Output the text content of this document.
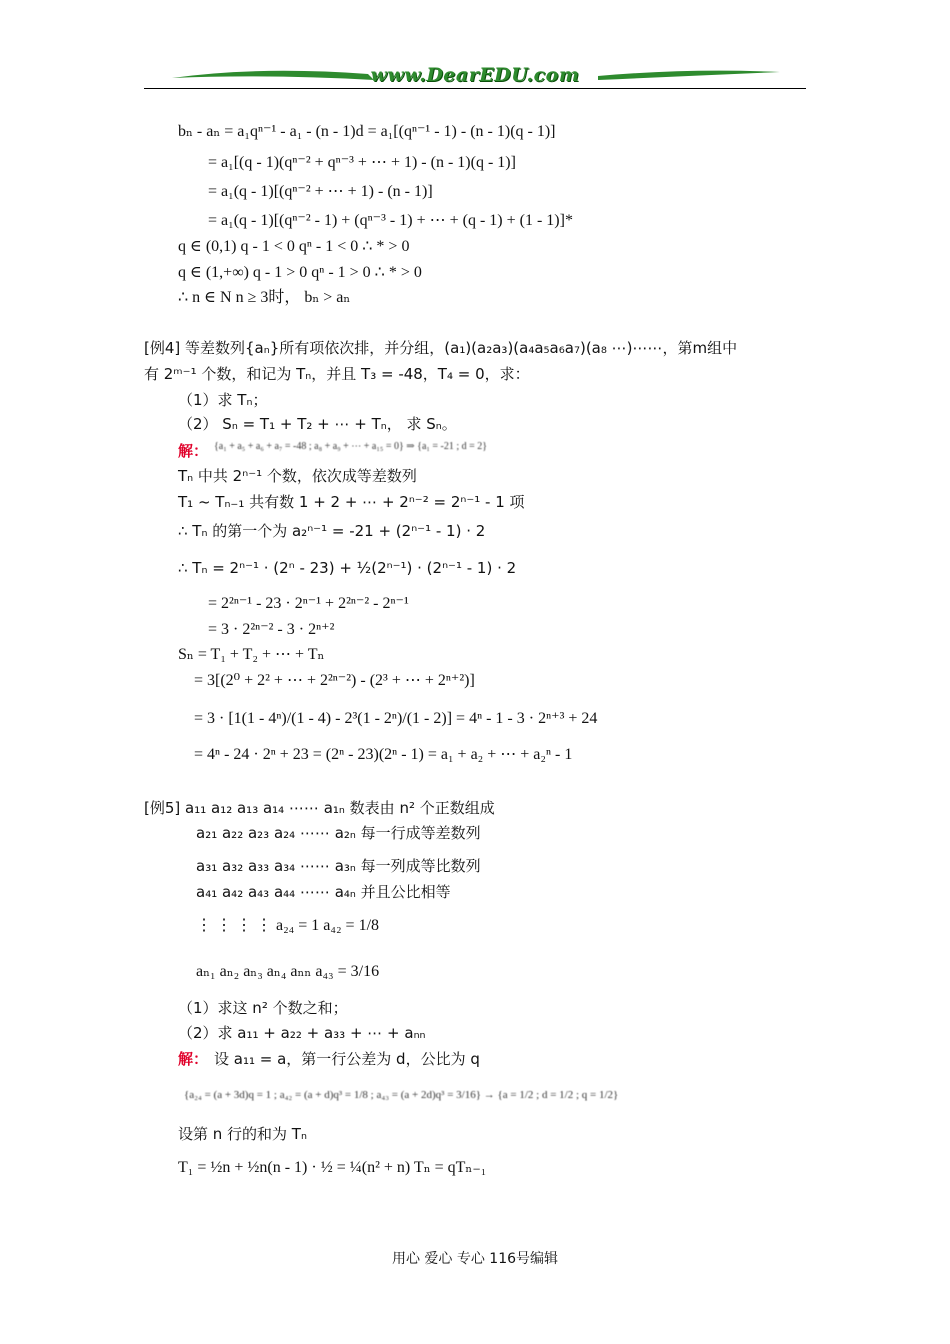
www.DearEDU.com
bₙ - aₙ = a₁qⁿ⁻¹ - a₁ - (n - 1)d = a₁[(qⁿ⁻¹ - 1) - (n - 1)(q - 1)]
= a₁[(q - 1)(qⁿ⁻² + qⁿ⁻³ + ⋯ + 1) - (n - 1)(q - 1)]
= a₁(q - 1)[(qⁿ⁻² + ⋯ + 1) - (n - 1)]
= a₁(q - 1)[(qⁿ⁻² - 1) + (qⁿ⁻³ - 1) + ⋯ + (q - 1) + (1 - 1)]*
q ∈ (0,1) q - 1 < 0 qⁿ - 1 < 0 ∴ * > 0
q ∈ (1,+∞) q - 1 > 0 qⁿ - 1 > 0 ∴ * > 0
∴ n ∈ N n ≥ 3时， bₙ > aₙ
[例4] 等差数列{aₙ}所有项依次排，并分组，(a₁)(a₂a₃)(a₄a₅a₆a₇)(a₈ ⋯)⋯⋯，第m组中
有 2ᵐ⁻¹ 个数，和记为 Tₙ，并且 T₃ = -48，T₄ = 0，求：
（1）求 Tₙ；
（2） Sₙ = T₁ + T₂ + ⋯ + Tₙ， 求 Sₙ。
解： {a₁ + a₅ + a₆ + a₇ = -48 ; a₈ + a₉ + ⋯ + a₁₅ = 0} ⇒ {a₁ = -21 ; d = 2}
Tₙ 中共 2ⁿ⁻¹ 个数，依次成等差数列
T₁ ~ Tₙ₋₁ 共有数 1 + 2 + ⋯ + 2ⁿ⁻² = 2ⁿ⁻¹ - 1 项
∴ Tₙ 的第一个为 a₂ⁿ⁻¹ = -21 + (2ⁿ⁻¹ - 1) · 2
∴ Tₙ = 2ⁿ⁻¹ · (2ⁿ - 23) + ½(2ⁿ⁻¹) · (2ⁿ⁻¹ - 1) · 2
= 2²ⁿ⁻¹ - 23 · 2ⁿ⁻¹ + 2²ⁿ⁻² - 2ⁿ⁻¹
= 3 · 2²ⁿ⁻² - 3 · 2ⁿ⁺²
Sₙ = T₁ + T₂ + ⋯ + Tₙ
= 3[(2⁰ + 2² + ⋯ + 2²ⁿ⁻²) - (2³ + ⋯ + 2ⁿ⁺²)]
= 3 · [1(1 - 4ⁿ)/(1 - 4) - 2³(1 - 2ⁿ)/(1 - 2)] = 4ⁿ - 1 - 3 · 2ⁿ⁺³ + 24
= 4ⁿ - 24 · 2ⁿ + 23 = (2ⁿ - 23)(2ⁿ - 1) = a₁ + a₂ + ⋯ + a₂ⁿ - 1
[例5] a₁₁ a₁₂ a₁₃ a₁₄ ⋯⋯ a₁ₙ 数表由 n² 个正数组成
a₂₁ a₂₂ a₂₃ a₂₄ ⋯⋯ a₂ₙ 每一行成等差数列
a₃₁ a₃₂ a₃₃ a₃₄ ⋯⋯ a₃ₙ 每一列成等比数列
a₄₁ a₄₂ a₄₃ a₄₄ ⋯⋯ a₄ₙ 并且公比相等
⋮ ⋮ ⋮ ⋮ a₂₄ = 1 a₄₂ = 1/8
aₙ₁ aₙ₂ aₙ₃ aₙ₄ aₙₙ a₄₃ = 3/16
（1）求这 n² 个数之和；
（2）求 a₁₁ + a₂₂ + a₃₃ + ⋯ + aₙₙ
解： 设 a₁₁ = a，第一行公差为 d，公比为 q
{a₂₄ = (a + 3d)q = 1 ; a₄₂ = (a + d)q³ = 1/8 ; a₄₃ = (a + 2d)q³ = 3/16} → {a = 1/2 ; d = 1/2 ; q = 1/2}
设第 n 行的和为 Tₙ
T₁ = ½n + ½n(n - 1) · ½ = ¼(n² + n) Tₙ = qTₙ₋₁
用心 爱心 专心 116号编辑
